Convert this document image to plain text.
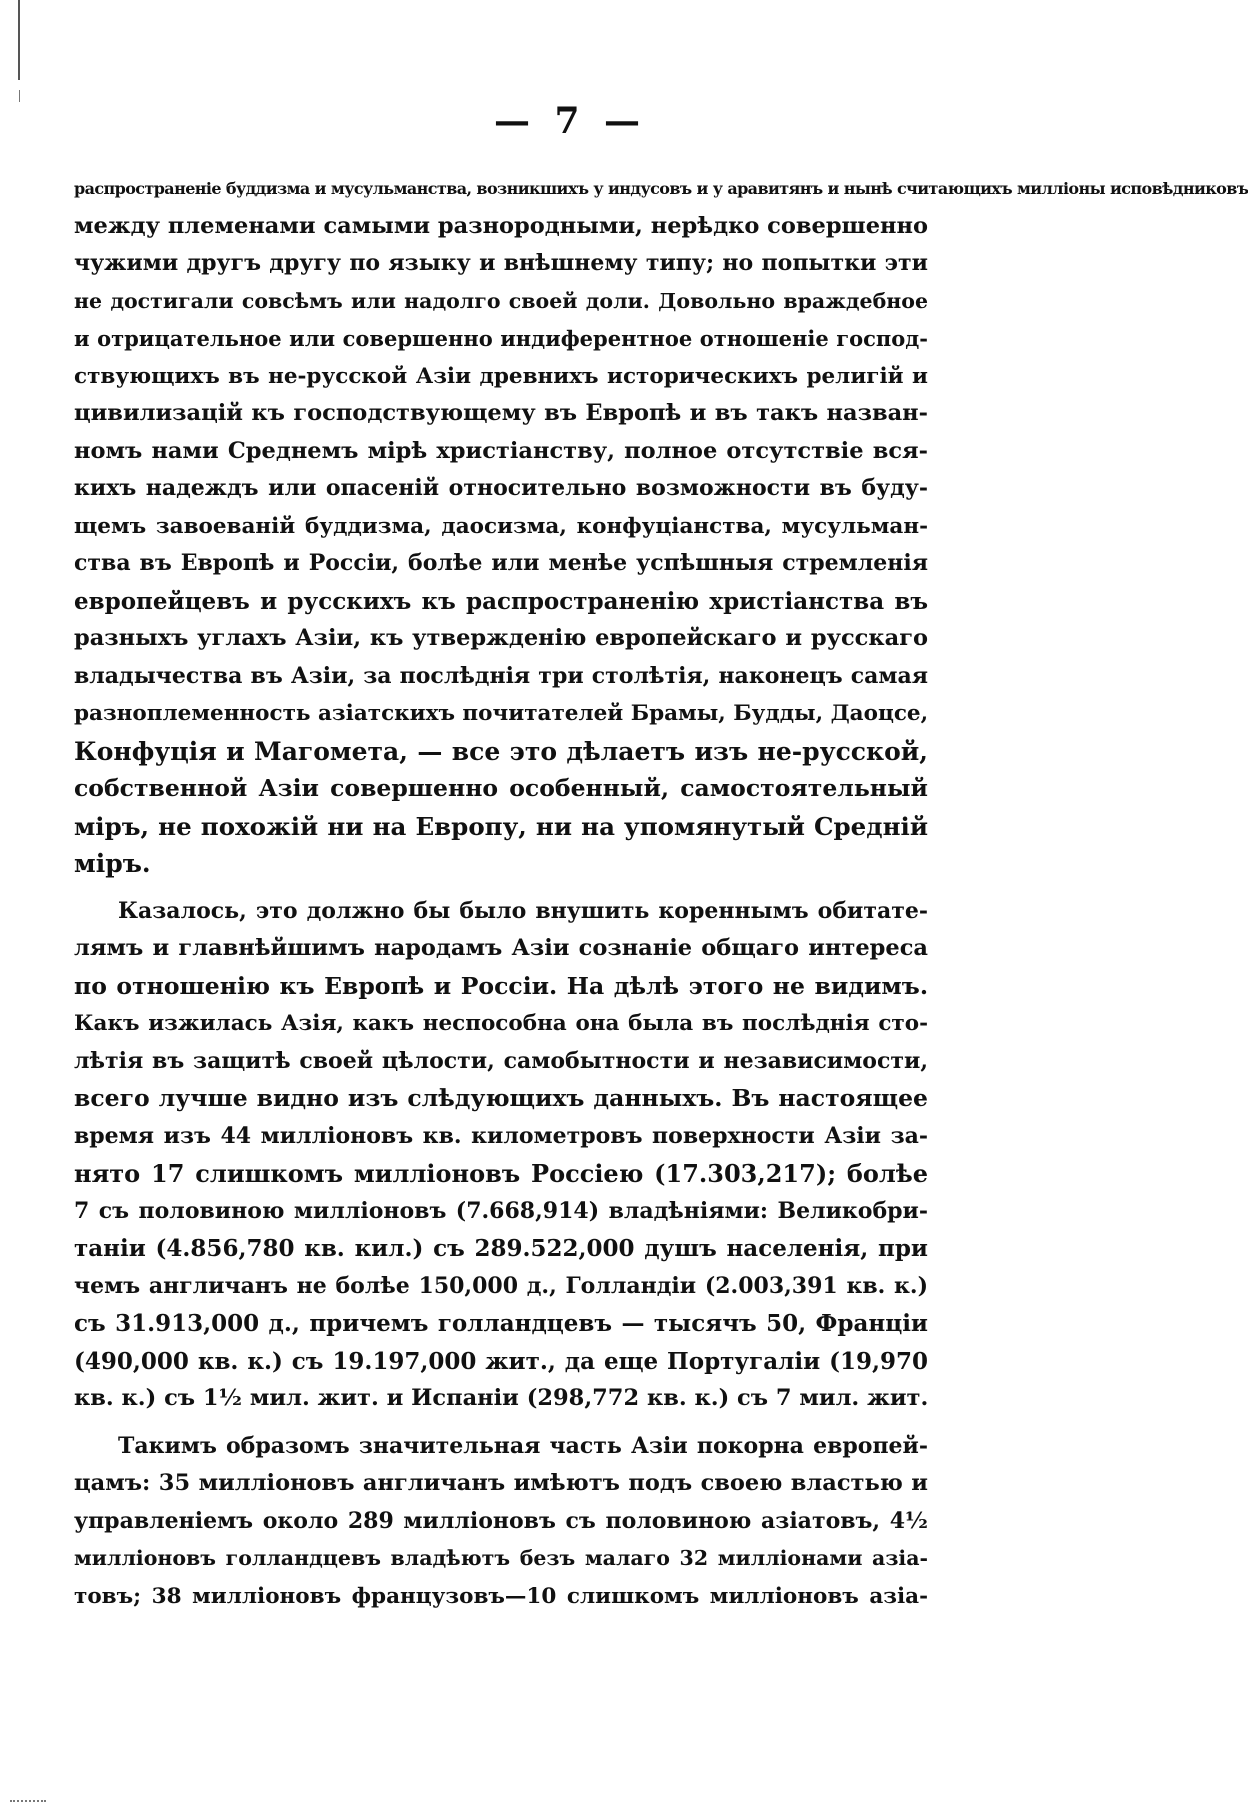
— 7 —
распространеніе буддизма и мусульманства, возникшихъ у индусовъ и у аравитянъ и нынѣ считающихъ милліоны исповѣдниковъ
между племенами самыми разнородными, нерѣдко совершенно
чужими другъ другу по языку и внѣшнему типу; но попытки эти
не достигали совсѣмъ или надолго своей доли. Довольно враждебное
и отрицательное или совершенно индиферентное отношеніе господ-
ствующихъ въ не-русской Азіи древнихъ историческихъ религій и
цивилизацій къ господствующему въ Европѣ и въ такъ назван-
номъ нами Среднемъ мірѣ христіанству, полное отсутствіе вся-
кихъ надеждъ или опасеній относительно возможности въ буду-
щемъ завоеваній буддизма, даосизма, конфуціанства, мусульман-
ства въ Европѣ и Россіи, болѣе или менѣе успѣшныя стремленія
европейцевъ и русскихъ къ распространенію христіанства въ
разныхъ углахъ Азіи, къ утвержденію европейскаго и русскаго
владычества въ Азіи, за послѣднія три столѣтія, наконецъ самая
разноплеменность азіатскихъ почитателей Брамы, Будды, Даоцсе,
Конфуція и Магомета, — все это дѣлаетъ изъ не-русской,
собственной Азіи совершенно особенный, самостоятельный
міръ, не похожій ни на Европу, ни на упомянутый Средній
міръ.
Казалось, это должно бы было внушить кореннымъ обитате-
лямъ и главнѣйшимъ народамъ Азіи сознаніе общаго интереса
по отношенію къ Европѣ и Россіи. На дѣлѣ этого не видимъ.
Какъ изжилась Азія, какъ неспособна она была въ послѣднія сто-
лѣтія въ защитѣ своей цѣлости, самобытности и независимости,
всего лучше видно изъ слѣдующихъ данныхъ. Въ настоящее
время изъ 44 милліоновъ кв. километровъ поверхности Азіи за-
нято 17 слишкомъ милліоновъ Россіею (17.303,217); болѣе
7 съ половиною милліоновъ (7.668,914) владѣніями: Великобри-
таніи (4.856,780 кв. кил.) съ 289.522,000 душъ населенія, при
чемъ англичанъ не болѣе 150,000 д., Голландіи (2.003,391 кв. к.)
съ 31.913,000 д., причемъ голландцевъ — тысячъ 50, Франціи
(490,000 кв. к.) съ 19.197,000 жит., да еще Португаліи (19,970
кв. к.) съ 1½ мил. жит. и Испаніи (298,772 кв. к.) съ 7 мил. жит.
Такимъ образомъ значительная часть Азіи покорна европей-
цамъ: 35 милліоновъ англичанъ имѣютъ подъ своею властью и
управленіемъ около 289 милліоновъ съ половиною азіатовъ, 4½
милліоновъ голландцевъ владѣютъ безъ малаго 32 милліонами азіа-
товъ; 38 милліоновъ французовъ—10 слишкомъ милліоновъ азіа-
